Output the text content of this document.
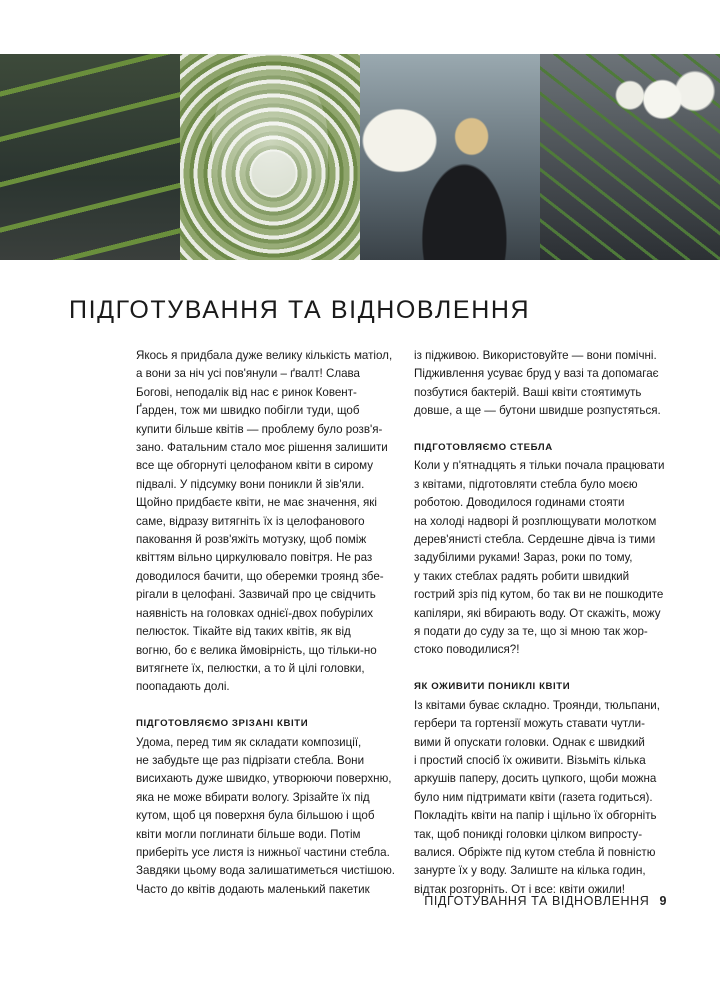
ПІДГОТУВАННЯ ТА ВІДНОВЛЕННЯ
Якось я придбала дуже велику кількість матіол,
а вони за ніч усі пов'янули – ґвалт! Слава
Богові, неподалік від нас є ринок Ковент-
Ґарден, тож ми швидко побігли туди, щоб
купити більше квітів — проблему було розв'я-
зано. Фатальним стало моє рішення залишити
все ще обгорнуті целофаном квіти в сирому
підвалі. У підсумку вони поникли й зів'яли.
Щойно придбаєте квіти, не має значення, які
саме, відразу витягніть їх із целофанового
паковання й розв'яжіть мотузку, щоб поміж
квіттям вільно циркулювало повітря. Не раз
доводилося бачити, що оберемки троянд збе-
рігали в целофані. Зазвичай про це свідчить
наявність на головках однієї-двох побурілих
пелюсток. Тікайте від таких квітів, як від
вогню, бо є велика ймовірність, що тільки-но
витягнете їх, пелюстки, а то й цілі головки,
поопадають долі.
ПІДГОТОВЛЯЄМО ЗРІЗАНІ КВІТИ
Удома, перед тим як складати композиції,
не забудьте ще раз підрізати стебла. Вони
висихають дуже швидко, утворюючи поверхню,
яка не може вбирати вологу. Зрізайте їх під
кутом, щоб ця поверхня була більшою і щоб
квіти могли поглинати більше води. Потім
приберіть усе листя із нижньої частини стебла.
Завдяки цьому вода залишатиметься чистішою.
Часто до квітів додають маленький пакетик
із підживою. Використовуйте — вони помічні.
Підживлення усуває бруд у вазі та допомагає
позбутися бактерій. Ваші квіти стоятимуть
довше, а ще — бутони швидше розпустяться.
ПІДГОТОВЛЯЄМО СТЕБЛА
Коли у п'ятнадцять я тільки почала працювати
з квітами, підготовляти стебла було моєю
роботою. Доводилося годинами стояти
на холоді надворі й розплющувати молотком
дерев'янисті стебла. Сердешне дівча із тими
задубілими руками! Зараз, роки по тому,
у таких стеблах радять робити швидкий
гострий зріз під кутом, бо так ви не пошкодите
капіляри, які вбирають воду. От скажіть, можу
я подати до суду за те, що зі мною так жор-
стоко поводилися?!
ЯК ОЖИВИТИ ПОНИКЛІ КВІТИ
Із квітами буває складно. Троянди, тюльпани,
гербери та гортензії можуть ставати чутли-
вими й опускати головки. Однак є швидкий
і простий спосіб їх оживити. Візьміть кілька
аркушів паперу, досить цупкого, щоби можна
було ним підтримати квіти (газета годиться).
Покладіть квіти на папір і щільно їх обгорніть
так, щоб поникді головки цілком випросту-
валися. Обріжте під кутом стебла й повністю
занурте їх у воду. Залиште на кілька годин,
відтак розгорніть. От і все: квіти ожили!
ПІДГОТУВАННЯ ТА ВІДНОВЛЕННЯ 9
